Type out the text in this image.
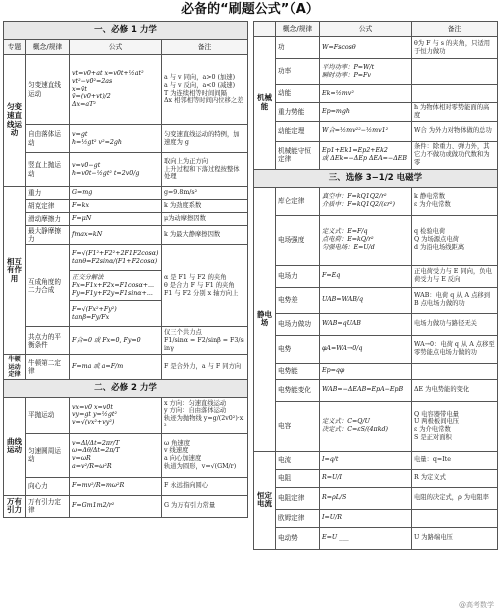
必备的“刷题公式”（A）
一、必修 1 力学			
专题	概念/规律	公式	备注
匀变速直线运动	匀变速直线运动	vt=v0+at x=v0t+½at²
vt²−v0²=2as
x=v̄t
v̄=(v0+vt)/2
Δx=aT²	a 与 v 同向，a>0 (加速)
a 与 v 反向，a<0 (减速)
T 为连续相等时间间隔
Δx 相邻相等时间内位移之差
	自由落体运动	v=gt
h=½gt² v²=2gh	匀变速直线运动的特例，加速度为 g
	竖直上抛运动	v=v0−gt
h=v0t−½gt² t=2v0/g	取向上为正方向
上升过程和下落过程按整体处理
相互有作用	重力	G=mg	g=9.8m/s²
	胡克定律	F=kx	k 为劲度系数
	滑动摩擦力	F=μN	μ为动摩擦因数
	最大静摩擦力	fmax=kN	k 为最大静摩擦因数
	互成角度的二力合成	F=√(F1²+F2²+2F1F2cosα)
tanθ=F2sinα/(F1+F2cosα)	α 是 F1 与 F2 的夹角
θ 是合力 F 与 F1 的夹角
F1 与 F2 分别 x 轴方向上
		正交分解法
Fx=F1x+F2x=F1cosα+...
Fy=F1y+F2y=F1sinα+...	
		F=√(Fx²+Fy²)
tanβ=Fy/Fx	
	共点力的平衡条件	F合=0 或 Fx=0, Fy=0	仅三个共力点
F1/sinα = F2/sinβ = F3/sinγ
牛顿运动定律	牛顿第二定律	F=ma 或 a=F/m	F 是合外力，a 与 F 同方向
二、必修 2 力学			
曲线运动	平抛运动	vx=v0 x=v0t
vy=gt y=½gt²
v=√(vx²+vy²)	x 方向：匀速直线运动
y 方向：自由落体运动
轨迹为抛物线 y=g/(2v0²)·x²
	匀速圆周运动	v=Δl/Δt=2πr/T
ω=Δθ/Δt=2π/T
v=ωR
a=v²/R=ω²R	ω 角速度
v 线速度
a 向心加速度
轨道为圆形，v=√(GM/r)
	向心力	F=mv²/R=mω²R	F 永远指向圆心
万有引力	万有引力定律	F=Gm1m2/r²	G 为万有引力常量
	概念/规律	公式	备注
机械能	功	W=Fscosθ	θ为 F 与 s 的夹角，只适用于恒力做功
	功率	平均功率：P=W/t
瞬时功率：P=Fv	
	动能	Ek=½mv²	
	重力势能	Ep=mgh	h 为物体相对零势能面的高度
	动能定理	W合=½mv²²−½mv1²	W合 为外力对物体做的总功
	机械能守恒定律	Ep1+Ek1=Ep2+Ek2
或 ΔEk=−ΔEp ΔEA=−ΔEB	条件：除重力、弹力外，其它力不做功或做功代数和为零
三、选修 3−1/2 电磁学			
静电场	库仑定律	真空中：F=kQ1Q2/r²
介质中：F=kQ1Q2/(εr²)	k 静电常数
ε 为介电常数
	电场强度	定义式：E=F/q
点电荷：E=kQ/r²
匀强电场：E=U/d	q 检验电荷
Q 为场源点电荷
d 为沿电场线距离
	电场力	F=Eq	正电荷受力与 E 同向，负电荷受力与 E 反向
	电势差	UAB=WAB/q	WAB：电荷 q 从 A 点移到 B 点电场力做的功
	电场力做功	WAB=qUAB	电场力做功与路径无关
	电势	φA=WA→0/q	WA→0：电荷 q 从 A 点移至零势能点电场力做的功
	电势能	Ep=qφ	
	电势能变化	WAB=−ΔEAB=EpA−EpB	ΔE 为电势能的变化
	电容	定义式：C=Q/U
决定式：C=εS/(4πkd)	Q 电容器带电量
U 两极板间电压
ε 为介电常数
S 是正对面积
恒定电流	电流	I=q/t	电量：q=Ite
	电阻	R=U/I	R 为定义式
	电阻定律	R=ρL/S	电阻的决定式，ρ 为电阻率
	欧姆定律	I=U/R	
	电动势	E=U ___	U 为路端电压
@高考数学
